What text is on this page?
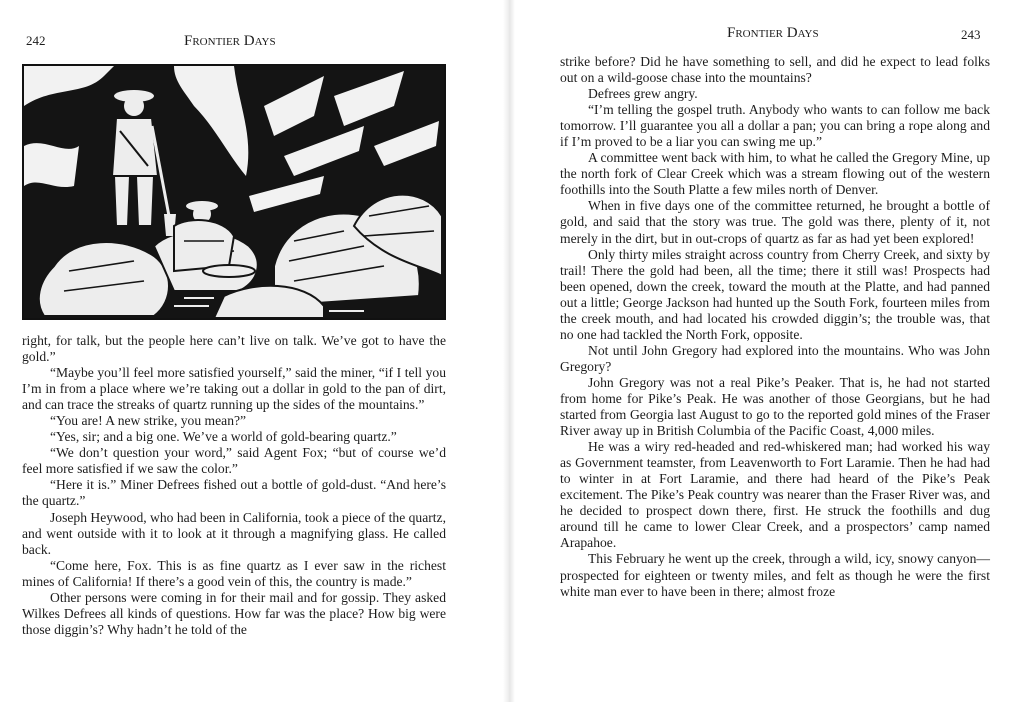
242	Frontier Days

right, for talk, but the people here can’t live on talk. We’ve got to have the gold.”

“Maybe you’ll feel more satisfied yourself,” said the miner, “if I tell you I’m in from a place where we’re taking out a dollar in gold to the pan of dirt, and can trace the streaks of quartz running up the sides of the mountains.”

“You are! A new strike, you mean?”

“Yes, sir; and a big one. We’ve a world of gold-bearing quartz.”

“We don’t question your word,” said Agent Fox; “but of course we’d feel more satisfied if we saw the color.”

“Here it is.” Miner Defrees fished out a bottle of gold-dust. “And here’s the quartz.”

Joseph Heywood, who had been in California, took a piece of the quartz, and went outside with it to look at it through a magnifying glass. He called back.

“Come here, Fox. This is as fine quartz as I ever saw in the richest mines of California! If there’s a good vein of this, the country is made.”

Other persons were coming in for their mail and for gossip. They asked Wilkes Defrees all kinds of questions. How far was the place? How big were those diggin’s? Why hadn’t he told of the

Frontier Days	243

strike before? Did he have something to sell, and did he expect to lead folks out on a wild-goose chase into the mountains?

Defrees grew angry.

“I’m telling the gospel truth. Anybody who wants to can follow me back tomorrow. I’ll guarantee you all a dollar a pan; you can bring a rope along and if I’m proved to be a liar you can swing me up.”

A committee went back with him, to what he called the Gregory Mine, up the north fork of Clear Creek which was a stream flowing out of the western foothills into the South Platte a few miles north of Denver.

When in five days one of the committee returned, he brought a bottle of gold, and said that the story was true. The gold was there, plenty of it, not merely in the dirt, but in out-crops of quartz as far as had yet been explored!

Only thirty miles straight across country from Cherry Creek, and sixty by trail! There the gold had been, all the time; there it still was! Prospects had been opened, down the creek, toward the mouth at the Platte, and had panned out a little; George Jackson had hunted up the South Fork, fourteen miles from the creek mouth, and had located his crowded diggin’s; the trouble was, that no one had tackled the North Fork, opposite.

Not until John Gregory had explored into the mountains. Who was John Gregory?

John Gregory was not a real Pike’s Peaker. That is, he had not started from home for Pike’s Peak. He was another of those Georgians, but he had started from Georgia last August to go to the reported gold mines of the Fraser River away up in British Columbia of the Pacific Coast, 4,000 miles.

He was a wiry red-headed and red-whiskered man; had worked his way as Government teamster, from Leavenworth to Fort Laramie. Then he had had to winter in at Fort Laramie, and there had heard of the Pike’s Peak excitement. The Pike’s Peak country was nearer than the Fraser River was, and he decided to prospect down there, first. He struck the foothills and dug around till he came to lower Clear Creek, and a prospectors’ camp named Arapahoe.

This February he went up the creek, through a wild, icy, snowy canyon—prospected for eighteen or twenty miles, and felt as though he were the first white man ever to have been in there; almost froze
